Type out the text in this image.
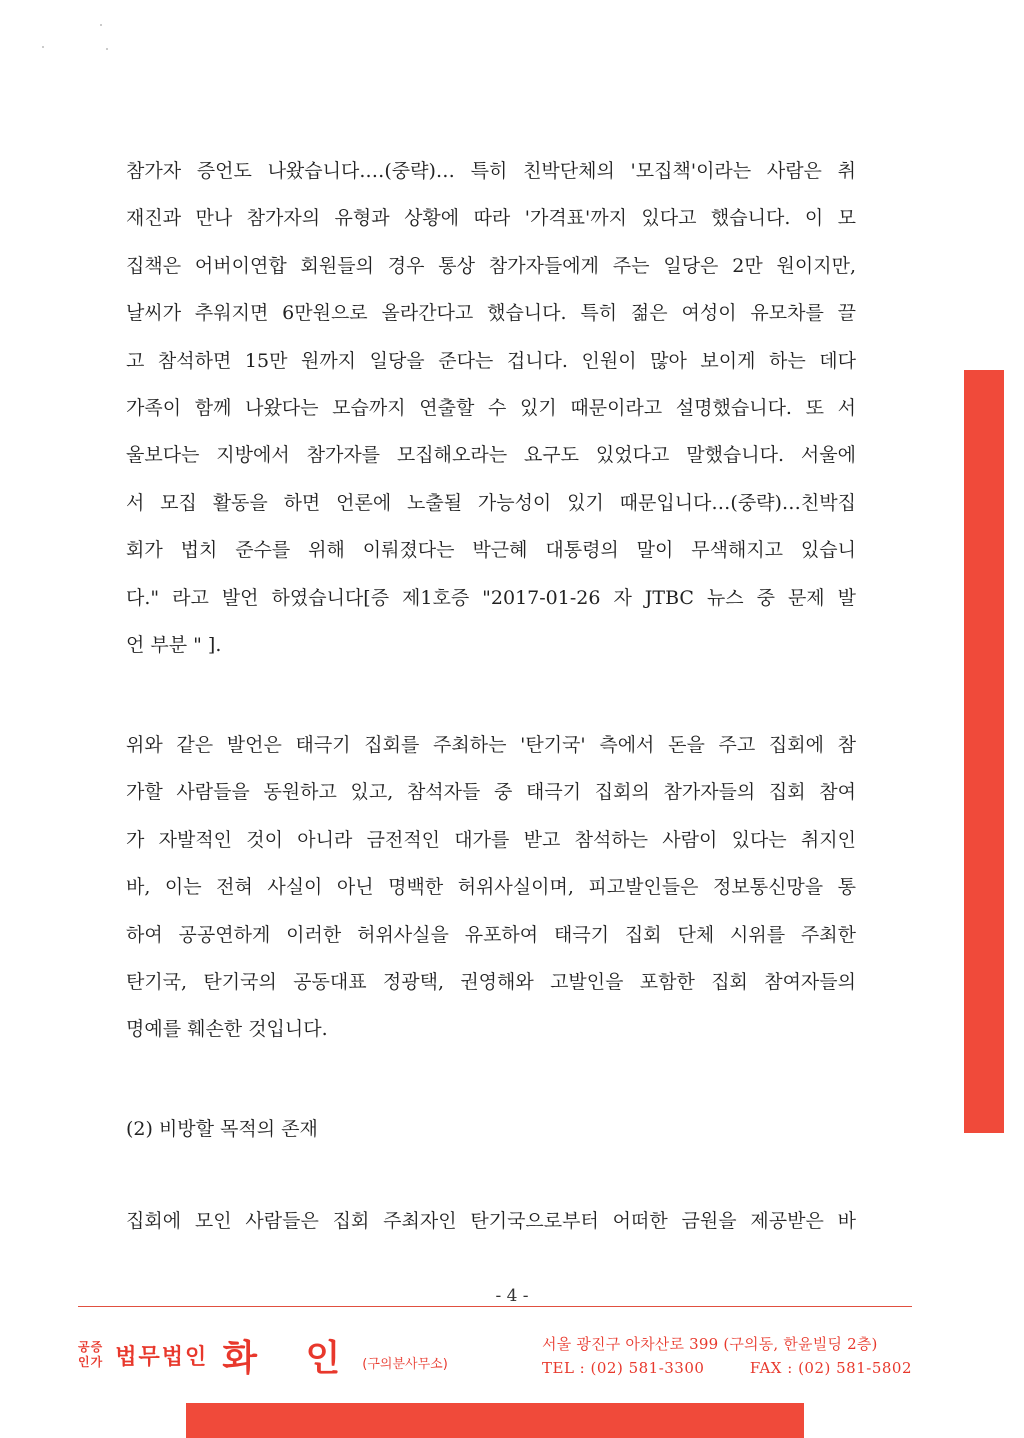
참가자 증언도 나왔습니다.…(중략)… 특히 친박단체의 '모집책'이라는 사람은 취
재진과 만나 참가자의 유형과 상황에 따라 '가격표'까지 있다고 했습니다. 이 모
집책은 어버이연합 회원들의 경우 통상 참가자들에게 주는 일당은 2만 원이지만,
날씨가 추워지면 6만원으로 올라간다고 했습니다. 특히 젊은 여성이 유모차를 끌
고 참석하면 15만 원까지 일당을 준다는 겁니다. 인원이 많아 보이게 하는 데다
가족이 함께 나왔다는 모습까지 연출할 수 있기 때문이라고 설명했습니다. 또 서
울보다는 지방에서 참가자를 모집해오라는 요구도 있었다고 말했습니다. 서울에
서 모집 활동을 하면 언론에 노출될 가능성이 있기 때문입니다…(중략)…친박집
회가 법치 준수를 위해 이뤄졌다는 박근혜 대통령의 말이 무색해지고 있습니
다." 라고 발언 하였습니다[증 제1호증 "2017-01-26 자 JTBC 뉴스 중 문제 발
언 부분 " ].
위와 같은 발언은 태극기 집회를 주최하는 '탄기국' 측에서 돈을 주고 집회에 참
가할 사람들을 동원하고 있고, 참석자들 중 태극기 집회의 참가자들의 집회 참여
가 자발적인 것이 아니라 금전적인 대가를 받고 참석하는 사람이 있다는 취지인
바, 이는 전혀 사실이 아닌 명백한 허위사실이며, 피고발인들은 정보통신망을 통
하여 공공연하게 이러한 허위사실을 유포하여 태극기 집회 단체 시위를 주최한
탄기국, 탄기국의 공동대표 정광택, 권영해와 고발인을 포함한 집회 참여자들의
명예를 훼손한 것입니다.
(2) 비방할 목적의 존재
집회에 모인 사람들은 집회 주최자인 탄기국으로부터 어떠한 금원을 제공받은 바
- 4 -
공증
인가 법무법인 화 인 (구의분사무소)
서울 광진구 아차산로 399 (구의동, 한윤빌딩 2층)
TEL : (02) 581-3300	FAX : (02) 581-5802
